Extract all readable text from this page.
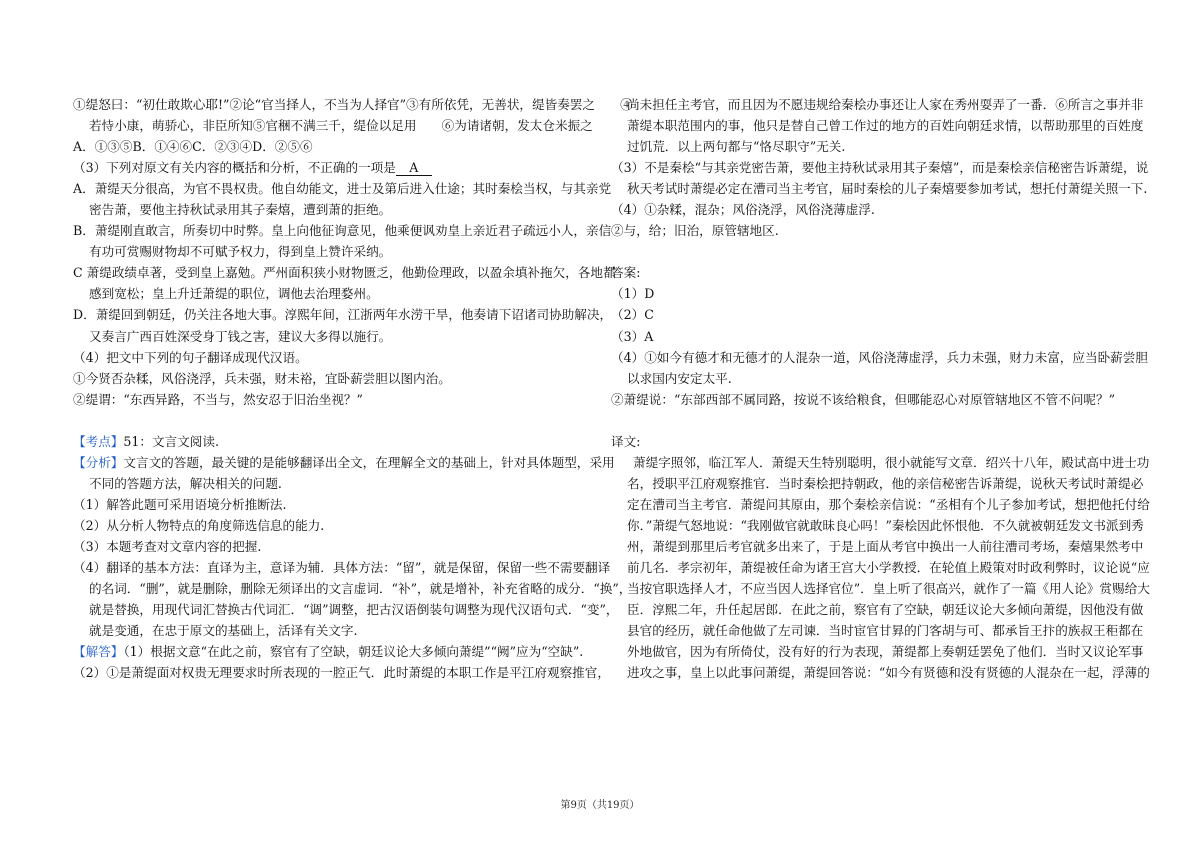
①缇怒曰：“初仕敢欺心耶!”②论“官当择人，不当为人择官”③有所依凭，无善状，缇皆奏罢之　　④
若恃小康，萌骄心，非臣所知⑤官稇不满三千，缇俭以足用　　⑥为请诸朝，发太仓米振之
A．①③⑤B．①④⑥C．②③④D．②⑤⑥
（3）下列对原文有关内容的概括和分析，不正确的一项是 A
A．萧缇天分很高，为官不畏权贵。他自幼能文，进士及第后进入仕途；其时秦桧当权，与其亲党
密告萧，要他主持秋试录用其子秦熺，遭到萧的拒绝。
B．萧缇刚直敢言，所奏切中时弊。皇上向他征询意见，他乘便讽劝皇上亲近君子疏远小人，亲信
有功可赏赐财物却不可赋予权力，得到皇上赞许采纳。
C 萧缇政绩卓著，受到皇上嘉勉。严州面积狭小财物匮乏，他勤俭理政，以盈余填补拖欠，各地都
感到宽松；皇上升迁萧缇的职位，调他去治理婺州。
D．萧缇回到朝廷，仍关注各地大事。淳熙年间，江浙两年水涝干旱，他奏请下诏诸司协助解决，
又奏言广西百姓深受身丁钱之害，建议大多得以施行。
（4）把文中下列的句子翻译成现代汉语。
①今贤否杂糅，风俗浇浮，兵未强，财未裕，宜卧薪尝胆以图内治。
②缇谓：“东西异路，不当与，然安忍于旧治坐视？”
【考点】51：文言文阅读.
【分析】文言文的答题，最关键的是能够翻译出全文，在理解全文的基础上，针对具体题型，采用
不同的答题方法，解决相关的问题.
（1）解答此题可采用语境分析推断法.
（2）从分析人物特点的角度筛选信息的能力.
（3）本题考查对文章内容的把握.
（4）翻译的基本方法：直译为主，意译为辅．具体方法：“留”，就是保留，保留一些不需要翻译
的名词．“删”，就是删除，删除无须译出的文言虚词．“补”，就是增补，补充省略的成分．“换”，
就是替换，用现代词汇替换古代词汇．“调”调整，把古汉语倒装句调整为现代汉语句式．“变”，
就是变通，在忠于原文的基础上，活译有关文字.
【解答】（1）根据文意“在此之前，察官有了空缺，朝廷议论大多倾向萧缇”“阙”应为“空缺”.
（2）①是萧缇面对权贵无理要求时所表现的一腔正气．此时萧缇的本职工作是平江府观察推官，
尚未担任主考官，而且因为不愿违规给秦桧办事还让人家在秀州耍弄了一番．⑥所言之事并非
萧缇本职范围内的事，他只是替自己曾工作过的地方的百姓向朝廷求情，以帮助那里的百姓度
过饥荒．以上两句都与“恪尽职守”无关.
（3）不是秦桧“与其亲党密告萧，要他主持秋试录用其子秦熺”，而是秦桧亲信秘密告诉萧缇，说
秋天考试时萧缇必定在漕司当主考官，届时秦桧的儿子秦熺要参加考试，想托付萧缇关照一下.
（4）①杂糅，混杂；风俗浇浮，风俗浇薄虚浮.
②与，给；旧治，原管辖地区.
答案:
（1）D
（2）C
（3）A
（4）①如今有德才和无德才的人混杂一道，风俗浇薄虚浮，兵力未强，财力未富，应当卧薪尝胆
以求国内安定太平.
②萧缇说：“东部西部不属同路，按说不该给粮食，但哪能忍心对原管辖地区不管不问呢？”
译文:
萧缇字照邻，临江军人．萧缇天生特别聪明，很小就能写文章．绍兴十八年，殿试高中进士功
名，授职平江府观察推官．当时秦桧把持朝政，他的亲信秘密告诉萧缇，说秋天考试时萧缇必
定在漕司当主考官．萧缇问其原由，那个秦桧亲信说：“丞相有个儿子参加考试，想把他托付给
你．”萧缇气怒地说：“我刚做官就敢昧良心吗！”秦桧因此怀恨他．不久就被朝廷发文书派到秀
州，萧缇到那里后考官就多出来了，于是上面从考官中换出一人前往漕司考场，秦熺果然考中
前几名．孝宗初年，萧缇被任命为诸王宫大小学教授．在轮值上殿策对时政利弊时，议论说“应
当按官职选择人才，不应当因人选择官位”．皇上听了很高兴，就作了一篇《用人论》赏赐给大
臣．淳熙二年，升任起居郎．在此之前，察官有了空缺，朝廷议论大多倾向萧缇，因他没有做
县官的经历，就任命他做了左司谏．当时宦官甘昪的门客胡与可、都承旨王抃的族叔王秬都在
外地做官，因为有所倚仗，没有好的行为表现，萧缇都上奏朝廷罢免了他们．当时又议论军事
进攻之事，皇上以此事问萧缇，萧缇回答说：“如今有贤德和没有贤德的人混杂在一起，浮薄的
第9页（共19页）
